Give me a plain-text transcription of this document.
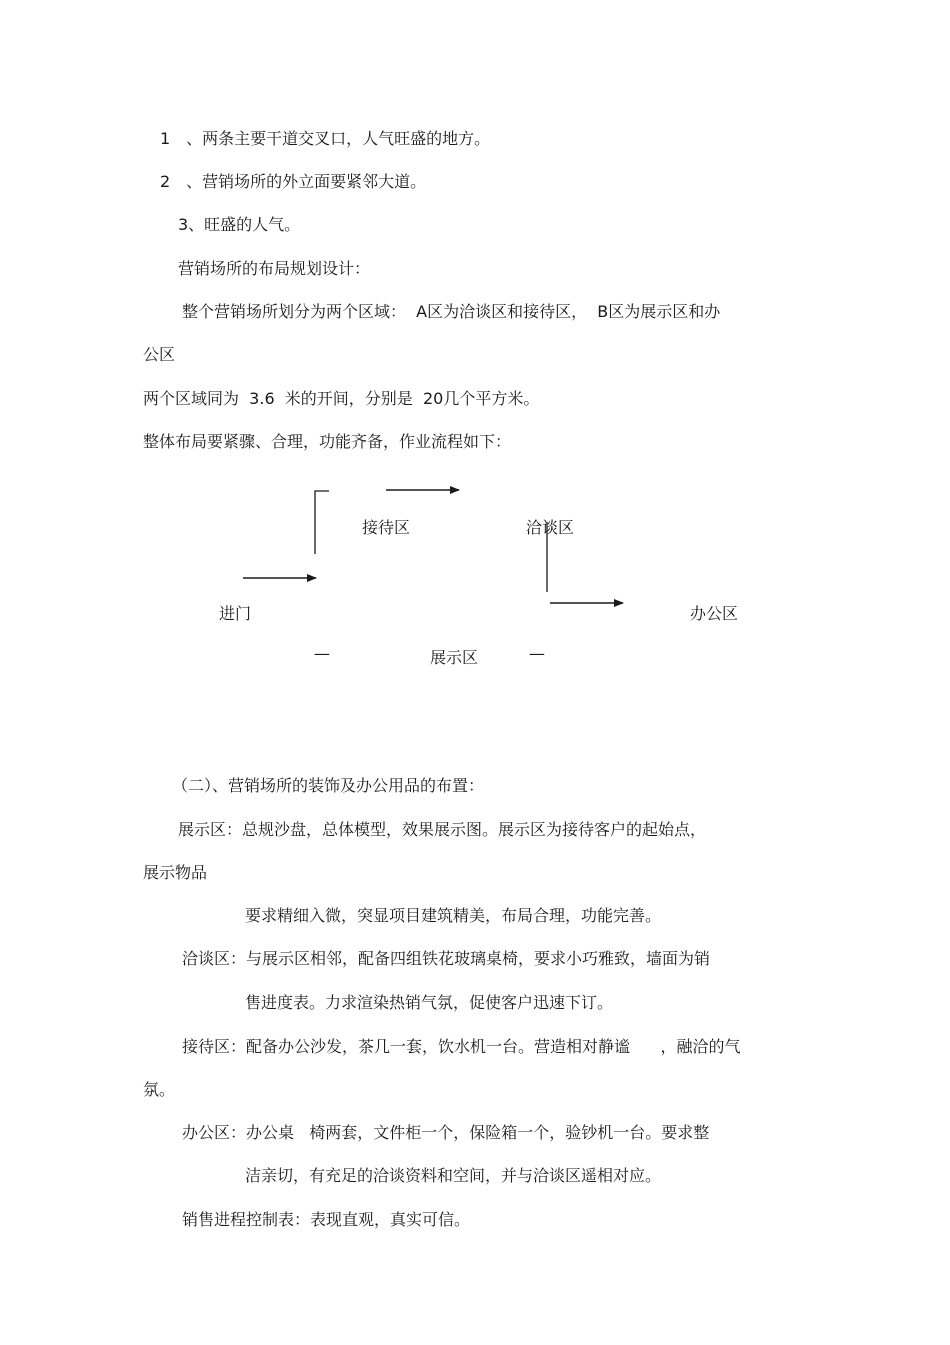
1　、两条主要干道交叉口，人气旺盛的地方。
2　、营销场所的外立面要紧邻大道。
3、旺盛的人气。
营销场所的布局规划设计：
整个营销场所划分为两个区域：  A区为洽谈区和接待区，  B区为展示区和办
公区
两个区域同为  3.6  米的开间，分别是  20几个平方米。
整体布局要紧骤、合理，功能齐备，作业流程如下：
接待区	洽谈区
进门	办公区
—	展示区	—
（二）、营销场所的装饰及办公用品的布置：
展示区：总规沙盘，总体模型，效果展示图。展示区为接待客户的起始点，
展示物品
要求精细入微，突显项目建筑精美，布局合理，功能完善。
洽谈区：与展示区相邻，配备四组铁花玻璃桌椅，要求小巧雅致，墙面为销
售进度表。力求渲染热销气氛，促使客户迅速下订。
接待区：配备办公沙发，茶几一套，饮水机一台。营造相对静谧      ，融洽的气
氛。
办公区：办公桌   椅两套，文件柜一个，保险箱一个，验钞机一台。要求整
洁亲切，有充足的洽谈资料和空间，并与洽谈区遥相对应。
销售进程控制表：表现直观，真实可信。
